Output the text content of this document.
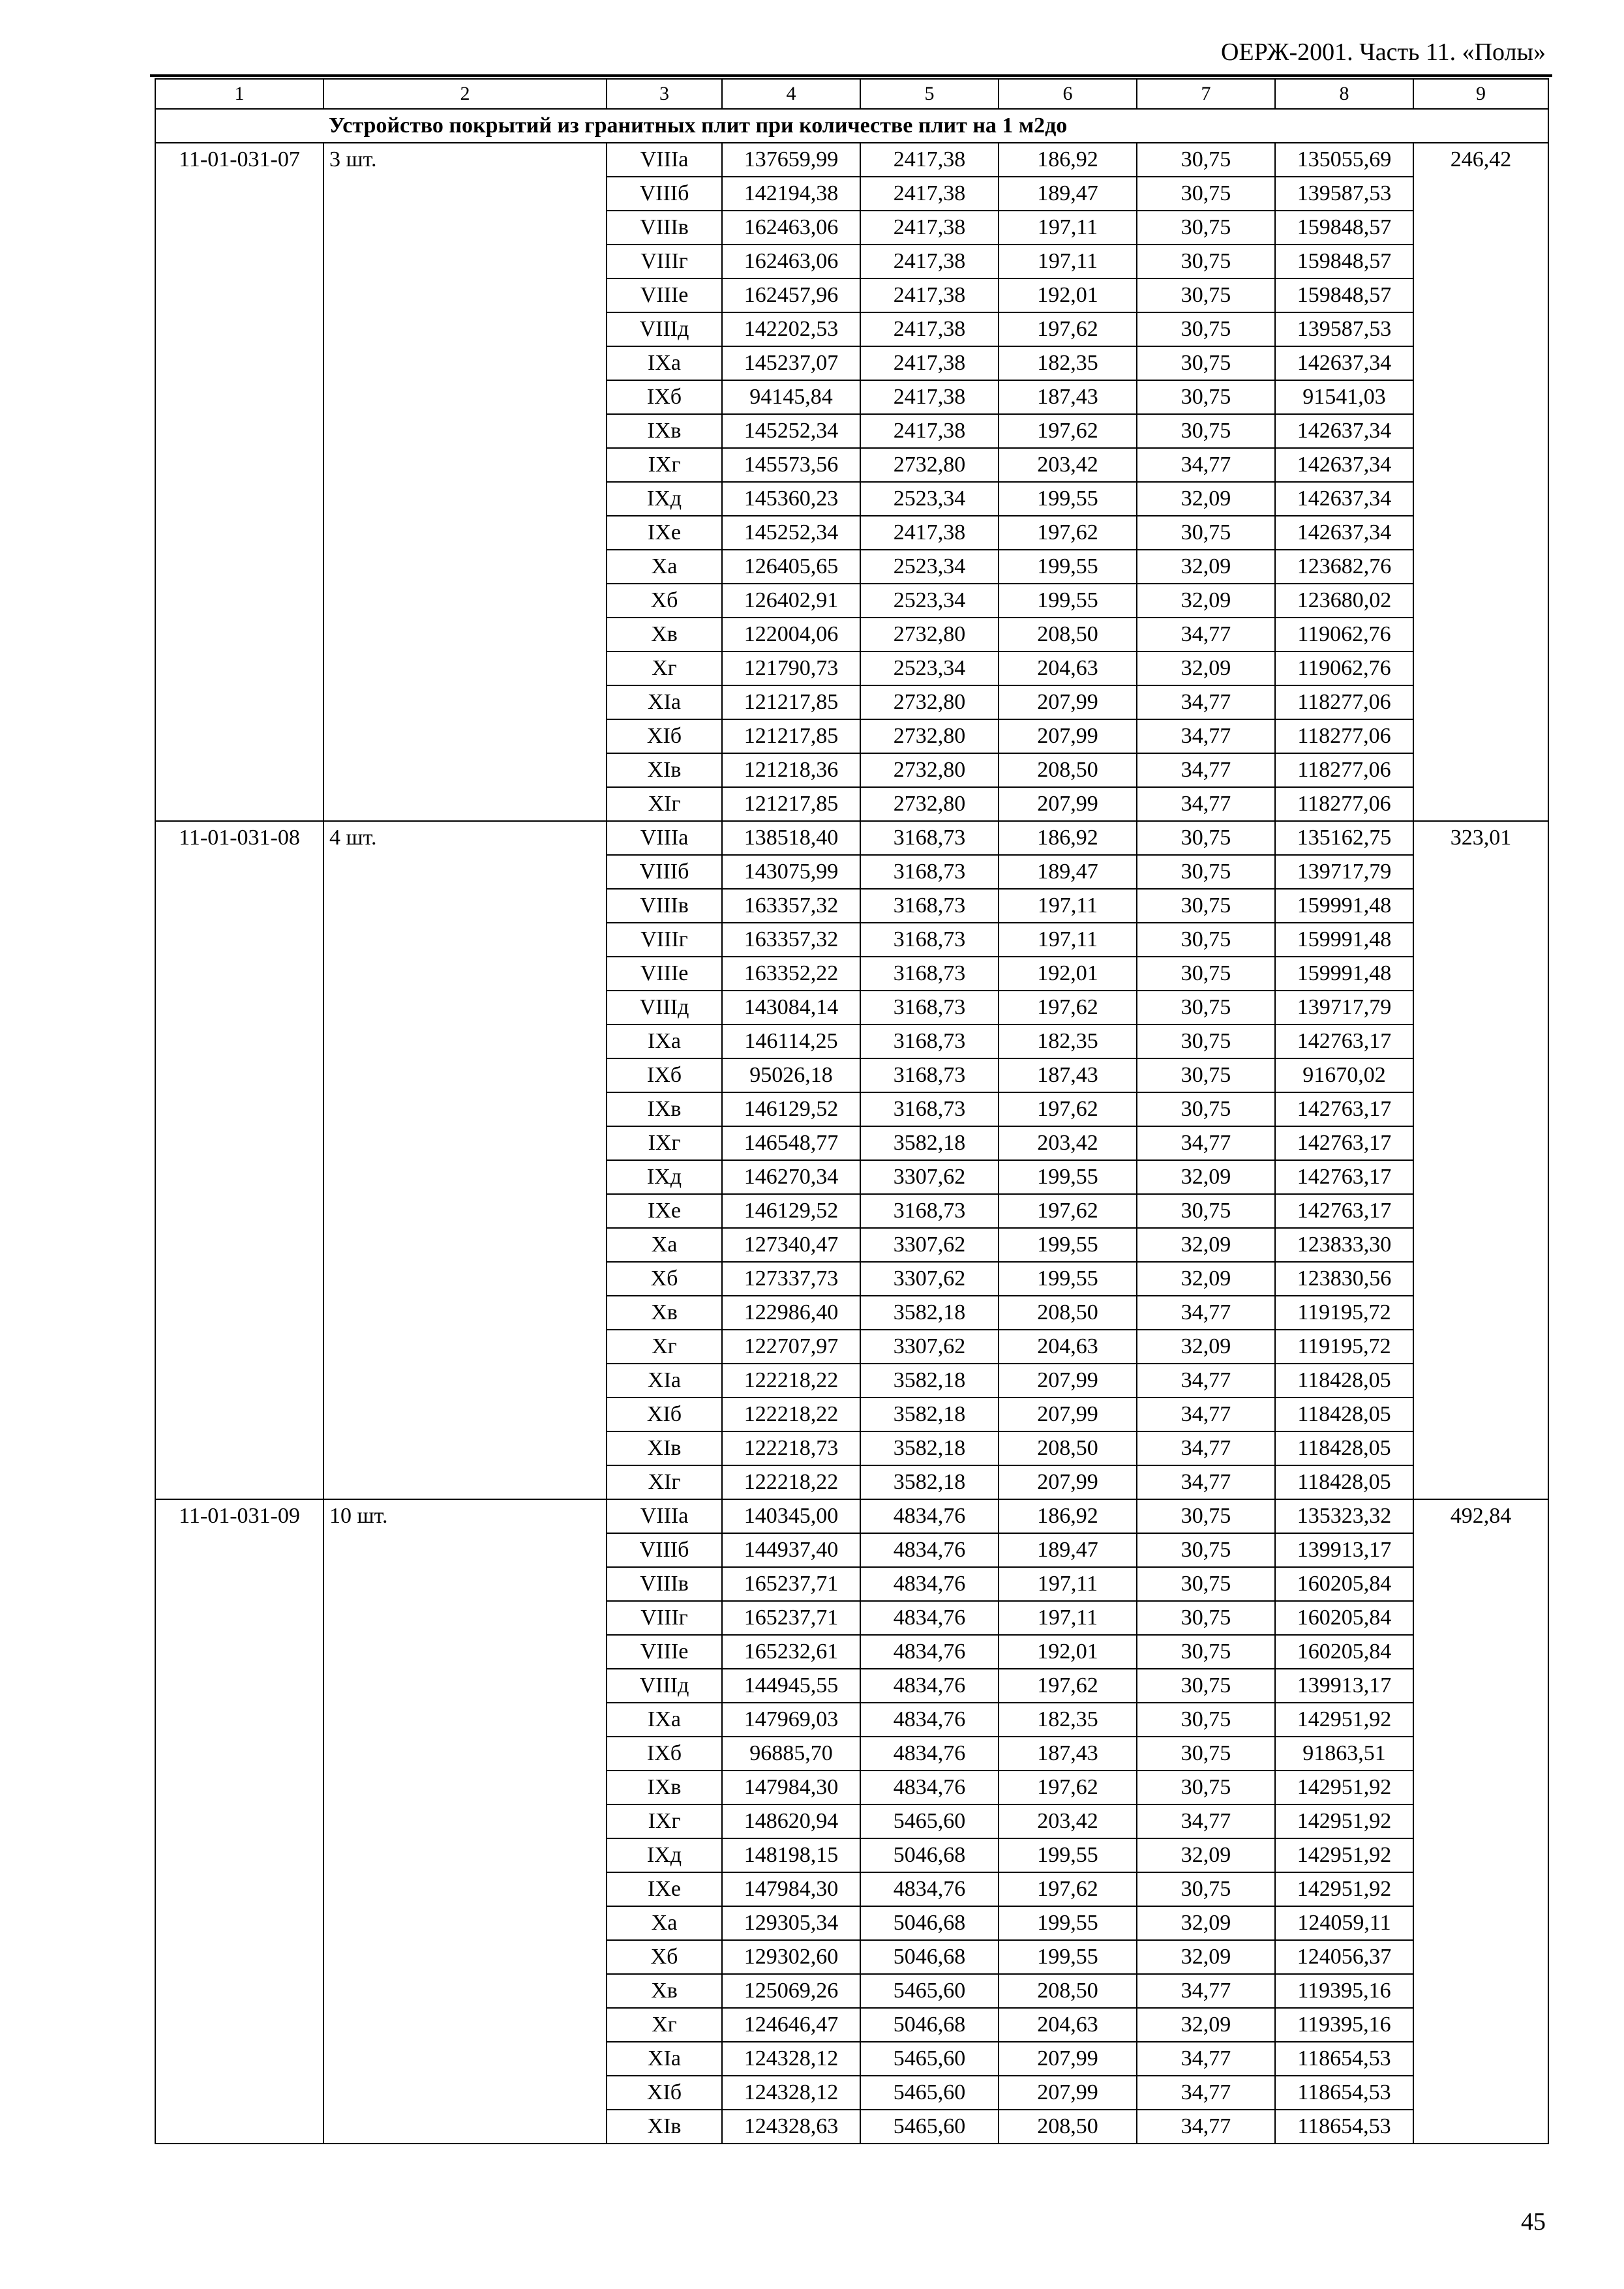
ОЕРЖ-2001. Часть 11. «Полы»
1	2	3	4	5	6	7	8	9
Устройство покрытий из гранитных плит при количестве плит на 1 м2до								
11-01-031-07	3 шт.	VIIIа	137659,99	2417,38	186,92	30,75	135055,69	246,42
		VIIIб	142194,38	2417,38	189,47	30,75	139587,53	
		VIIIв	162463,06	2417,38	197,11	30,75	159848,57	
		VIIIг	162463,06	2417,38	197,11	30,75	159848,57	
		VIIIе	162457,96	2417,38	192,01	30,75	159848,57	
		VIIIд	142202,53	2417,38	197,62	30,75	139587,53	
		IXа	145237,07	2417,38	182,35	30,75	142637,34	
		IXб	94145,84	2417,38	187,43	30,75	91541,03	
		IXв	145252,34	2417,38	197,62	30,75	142637,34	
		IXг	145573,56	2732,80	203,42	34,77	142637,34	
		IXд	145360,23	2523,34	199,55	32,09	142637,34	
		IXе	145252,34	2417,38	197,62	30,75	142637,34	
		Xа	126405,65	2523,34	199,55	32,09	123682,76	
		Xб	126402,91	2523,34	199,55	32,09	123680,02	
		Xв	122004,06	2732,80	208,50	34,77	119062,76	
		Xг	121790,73	2523,34	204,63	32,09	119062,76	
		XIа	121217,85	2732,80	207,99	34,77	118277,06	
		XIб	121217,85	2732,80	207,99	34,77	118277,06	
		XIв	121218,36	2732,80	208,50	34,77	118277,06	
		XIг	121217,85	2732,80	207,99	34,77	118277,06	
11-01-031-08	4 шт.	VIIIа	138518,40	3168,73	186,92	30,75	135162,75	323,01
		VIIIб	143075,99	3168,73	189,47	30,75	139717,79	
		VIIIв	163357,32	3168,73	197,11	30,75	159991,48	
		VIIIг	163357,32	3168,73	197,11	30,75	159991,48	
		VIIIе	163352,22	3168,73	192,01	30,75	159991,48	
		VIIIд	143084,14	3168,73	197,62	30,75	139717,79	
		IXа	146114,25	3168,73	182,35	30,75	142763,17	
		IXб	95026,18	3168,73	187,43	30,75	91670,02	
		IXв	146129,52	3168,73	197,62	30,75	142763,17	
		IXг	146548,77	3582,18	203,42	34,77	142763,17	
		IXд	146270,34	3307,62	199,55	32,09	142763,17	
		IXе	146129,52	3168,73	197,62	30,75	142763,17	
		Xа	127340,47	3307,62	199,55	32,09	123833,30	
		Xб	127337,73	3307,62	199,55	32,09	123830,56	
		Xв	122986,40	3582,18	208,50	34,77	119195,72	
		Xг	122707,97	3307,62	204,63	32,09	119195,72	
		XIа	122218,22	3582,18	207,99	34,77	118428,05	
		XIб	122218,22	3582,18	207,99	34,77	118428,05	
		XIв	122218,73	3582,18	208,50	34,77	118428,05	
		XIг	122218,22	3582,18	207,99	34,77	118428,05	
11-01-031-09	10 шт.	VIIIа	140345,00	4834,76	186,92	30,75	135323,32	492,84
		VIIIб	144937,40	4834,76	189,47	30,75	139913,17	
		VIIIв	165237,71	4834,76	197,11	30,75	160205,84	
		VIIIг	165237,71	4834,76	197,11	30,75	160205,84	
		VIIIе	165232,61	4834,76	192,01	30,75	160205,84	
		VIIIд	144945,55	4834,76	197,62	30,75	139913,17	
		IXа	147969,03	4834,76	182,35	30,75	142951,92	
		IXб	96885,70	4834,76	187,43	30,75	91863,51	
		IXв	147984,30	4834,76	197,62	30,75	142951,92	
		IXг	148620,94	5465,60	203,42	34,77	142951,92	
		IXд	148198,15	5046,68	199,55	32,09	142951,92	
		IXе	147984,30	4834,76	197,62	30,75	142951,92	
		Xа	129305,34	5046,68	199,55	32,09	124059,11	
		Xб	129302,60	5046,68	199,55	32,09	124056,37	
		Xв	125069,26	5465,60	208,50	34,77	119395,16	
		Xг	124646,47	5046,68	204,63	32,09	119395,16	
		XIа	124328,12	5465,60	207,99	34,77	118654,53	
		XIб	124328,12	5465,60	207,99	34,77	118654,53	
		XIв	124328,63	5465,60	208,50	34,77	118654,53	
45
